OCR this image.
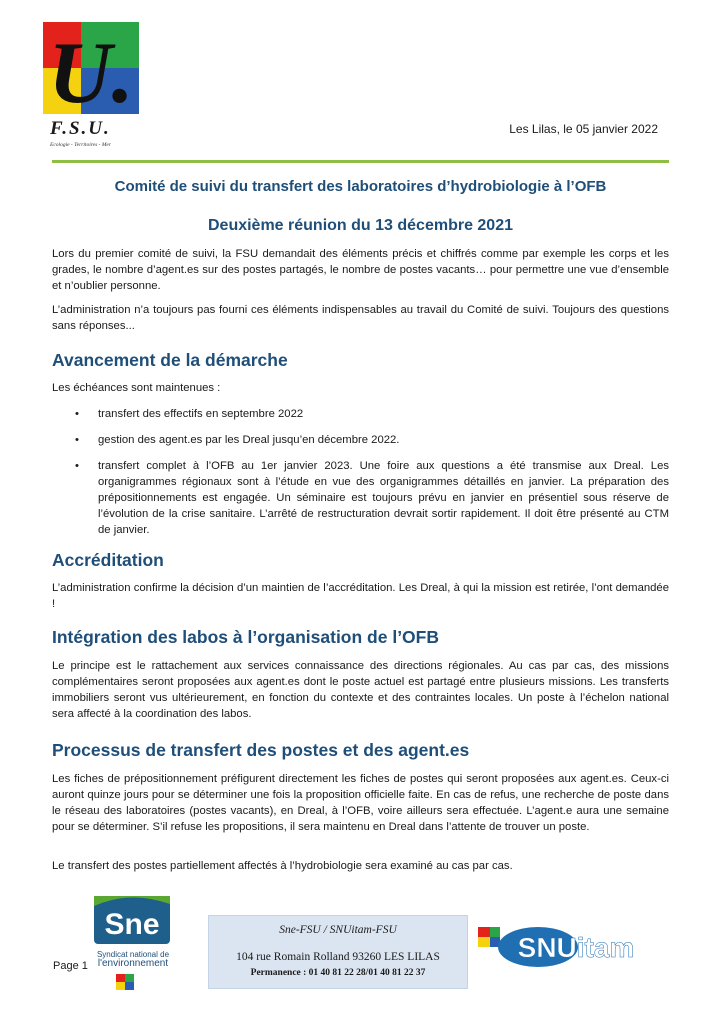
U.
F.S.U.
Ecologie - Territoires - Mer
Les Lilas, le 05 janvier 2022
Comité de suivi du transfert des laboratoires d’hydrobiologie à l’OFB
Deuxième réunion du 13 décembre 2021
Lors du premier comité de suivi, la FSU demandait des éléments précis et chiffrés comme par exemple les corps et les grades, le nombre d’agent.es sur des postes partagés, le nombre de postes vacants… pour permettre une vue d’ensemble et n’oublier personne.
L’administration n’a toujours pas fourni ces éléments indispensables au travail du Comité de suivi. Toujours des questions sans réponses...
Avancement de la démarche
Les échéances sont maintenues :
• transfert des effectifs en septembre 2022
• gestion des agent.es par les Dreal jusqu’en décembre 2022.
• transfert complet à l’OFB au 1er janvier 2023. Une foire aux questions a été transmise aux Dreal. Les organigrammes régionaux sont à l’étude en vue des organigrammes détaillés en janvier. La préparation des prépositionnements est engagée. Un séminaire est toujours prévu en janvier en présentiel sous réserve de l’évolution de la crise sanitaire. L’arrêté de restructuration devrait sortir rapidement. Il doit être présenté au CTM de janvier.
Accréditation
L’administration confirme la décision d’un maintien de l’accréditation. Les Dreal, à qui la mission est retirée, l’ont demandée !
Intégration des labos à l’organisation de l’OFB
Le principe est le rattachement aux services connaissance des directions régionales. Au cas par cas, des missions complémentaires seront proposées aux agent.es dont le poste actuel est partagé entre plusieurs missions. Les transferts immobiliers seront vus ultérieurement, en fonction du contexte et des contraintes locales. Un poste à l’échelon national sera affecté à la coordination des labos.
Processus de transfert des postes et des agent.es
Les fiches de prépositionnement préfigurent directement les fiches de postes qui seront proposées aux agent.es. Ceux-ci auront quinze jours pour se déterminer une fois la proposition officielle faite. En cas de refus, une recherche de poste dans le réseau des laboratoires (postes vacants), en Dreal, à l’OFB, voire ailleurs sera effectuée. L’agent.e aura une semaine pour se déterminer. S’il refuse les propositions, il sera maintenu en Dreal dans l’attente de trouver un poste.
Le transfert des postes partiellement affectés à l’hydrobiologie sera examiné au cas par cas.
Sne
Syndicat national de
l'environnement
Page 1
Sne-FSU / SNUitam-FSU
104 rue Romain Rolland 93260 LES LILAS
Permanence : 01 40 81 22 28/01 40 81 22 37
SNUitam
